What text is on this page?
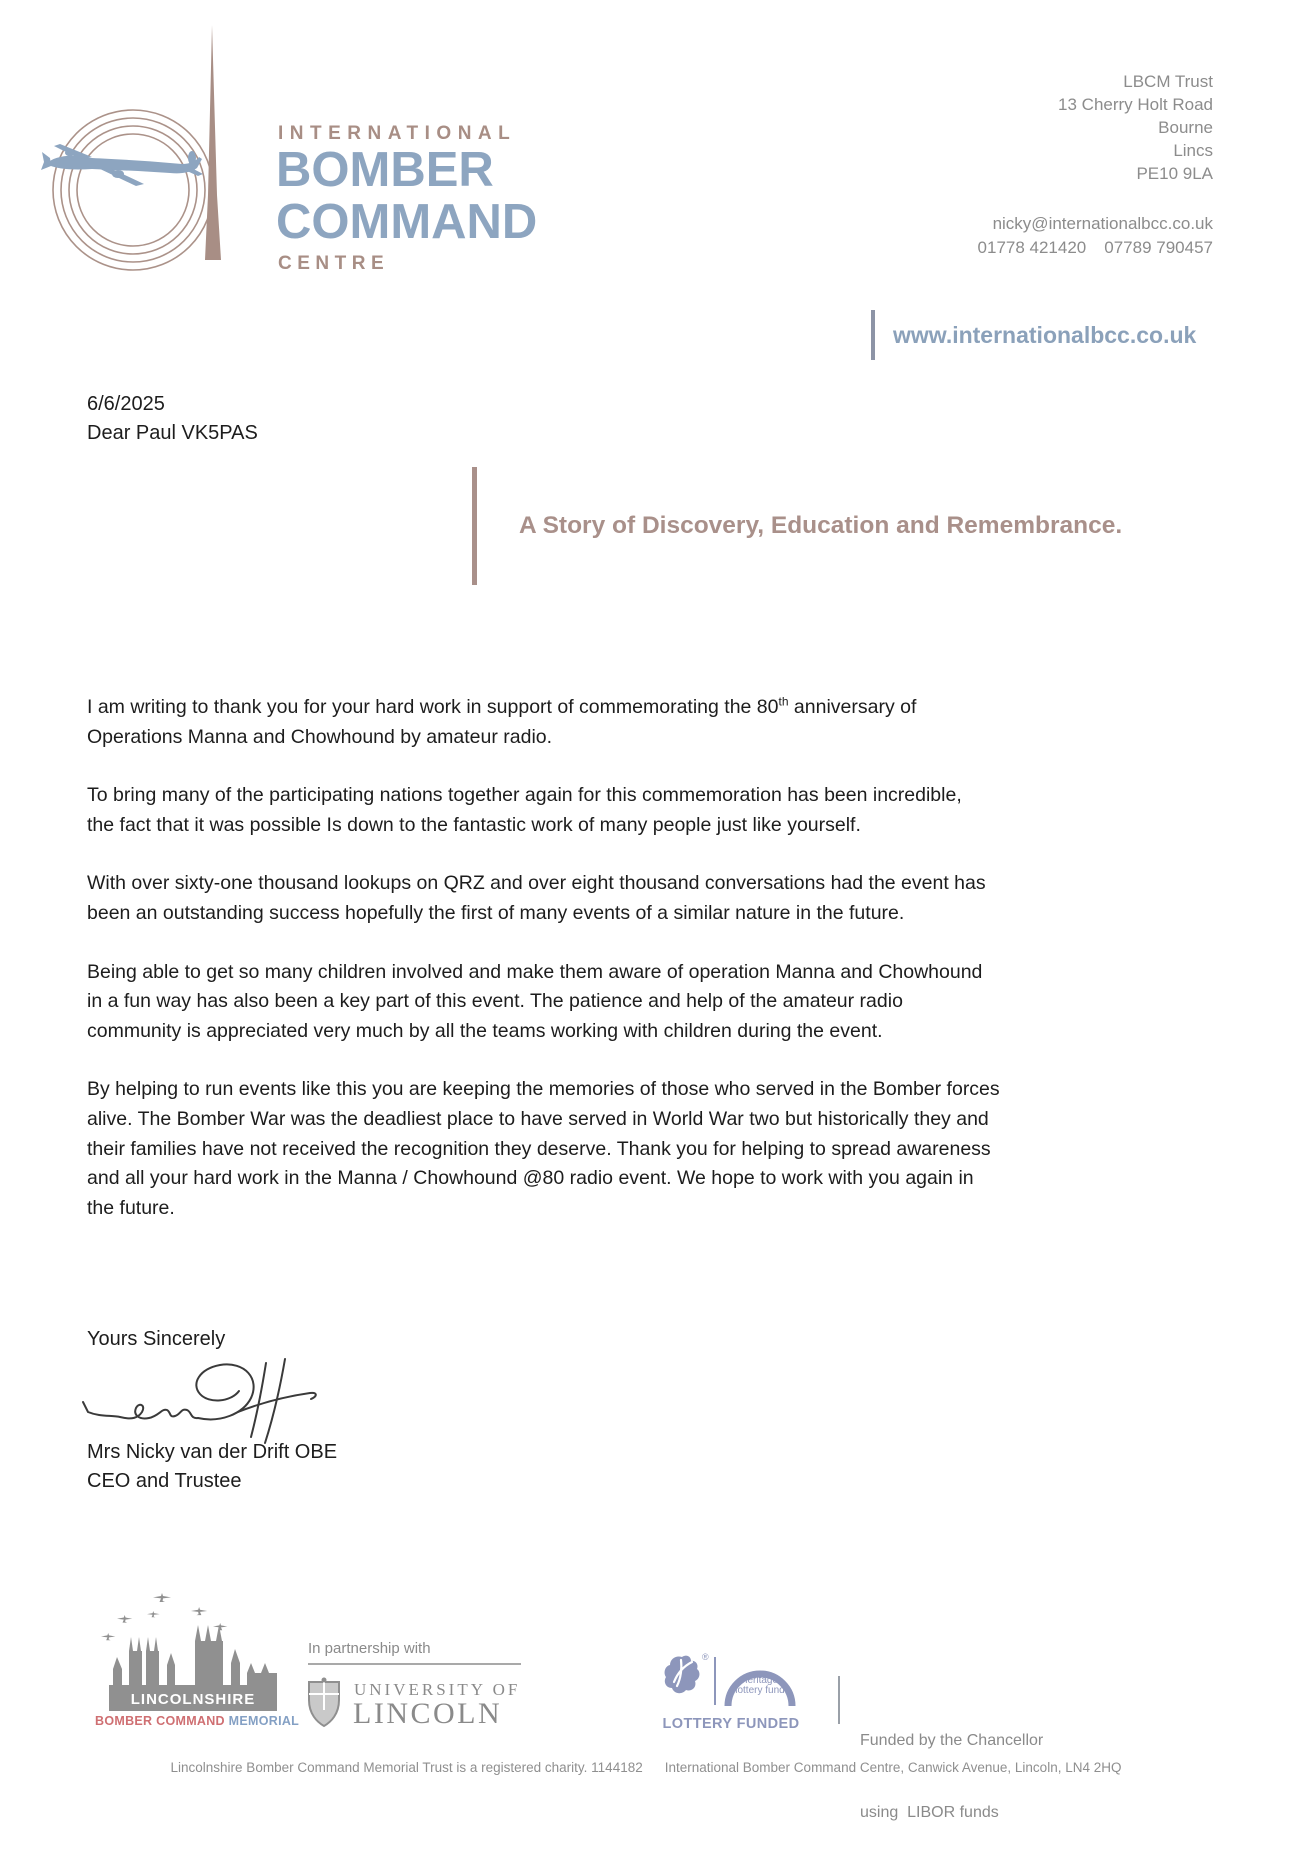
INTERNATIONAL
BOMBER
COMMAND
CENTRE
LBCM Trust
13 Cherry Holt Road
Bourne
Lincs
PE10 9LA
nicky@internationalbcc.co.uk
01778 421420 07789 790457
www.internationalbcc.co.uk
6/6/2025
Dear Paul VK5PAS
A Story of Discovery, Education and Remembrance.
I am writing to thank you for your hard work in support of commemorating the 80th anniversary of
Operations Manna and Chowhound by amateur radio.
To bring many of the participating nations together again for this commemoration has been incredible,
the fact that it was possible Is down to the fantastic work of many people just like yourself.
With over sixty-one thousand lookups on QRZ and over eight thousand conversations had the event has
been an outstanding success hopefully the first of many events of a similar nature in the future.
Being able to get so many children involved and make them aware of operation Manna and Chowhound
in a fun way has also been a key part of this event. The patience and help of the amateur radio
community is appreciated very much by all the teams working with children during the event.
By helping to run events like this you are keeping the memories of those who served in the Bomber forces
alive. The Bomber War was the deadliest place to have served in World War two but historically they and
their families have not received the recognition they deserve. Thank you for helping to spread awareness
and all your hard work in the Manna / Chowhound @80 radio event. We hope to work with you again in
the future.
Yours Sincerely
Mrs Nicky van der Drift OBE
CEO and Trustee
LINCOLNSHIRE
BOMBER COMMAND MEMORIAL
In partnership with
UNIVERSITY OF
LINCOLN
®
heritage
lottery fund
LOTTERY FUNDED

Funded by the Chancellor

using  LIBOR funds

Lincolnshire Bomber Command Memorial Trust is a registered charity. 1144182 International Bomber Command Centre, Canwick Avenue, Lincoln, LN4 2HQ
